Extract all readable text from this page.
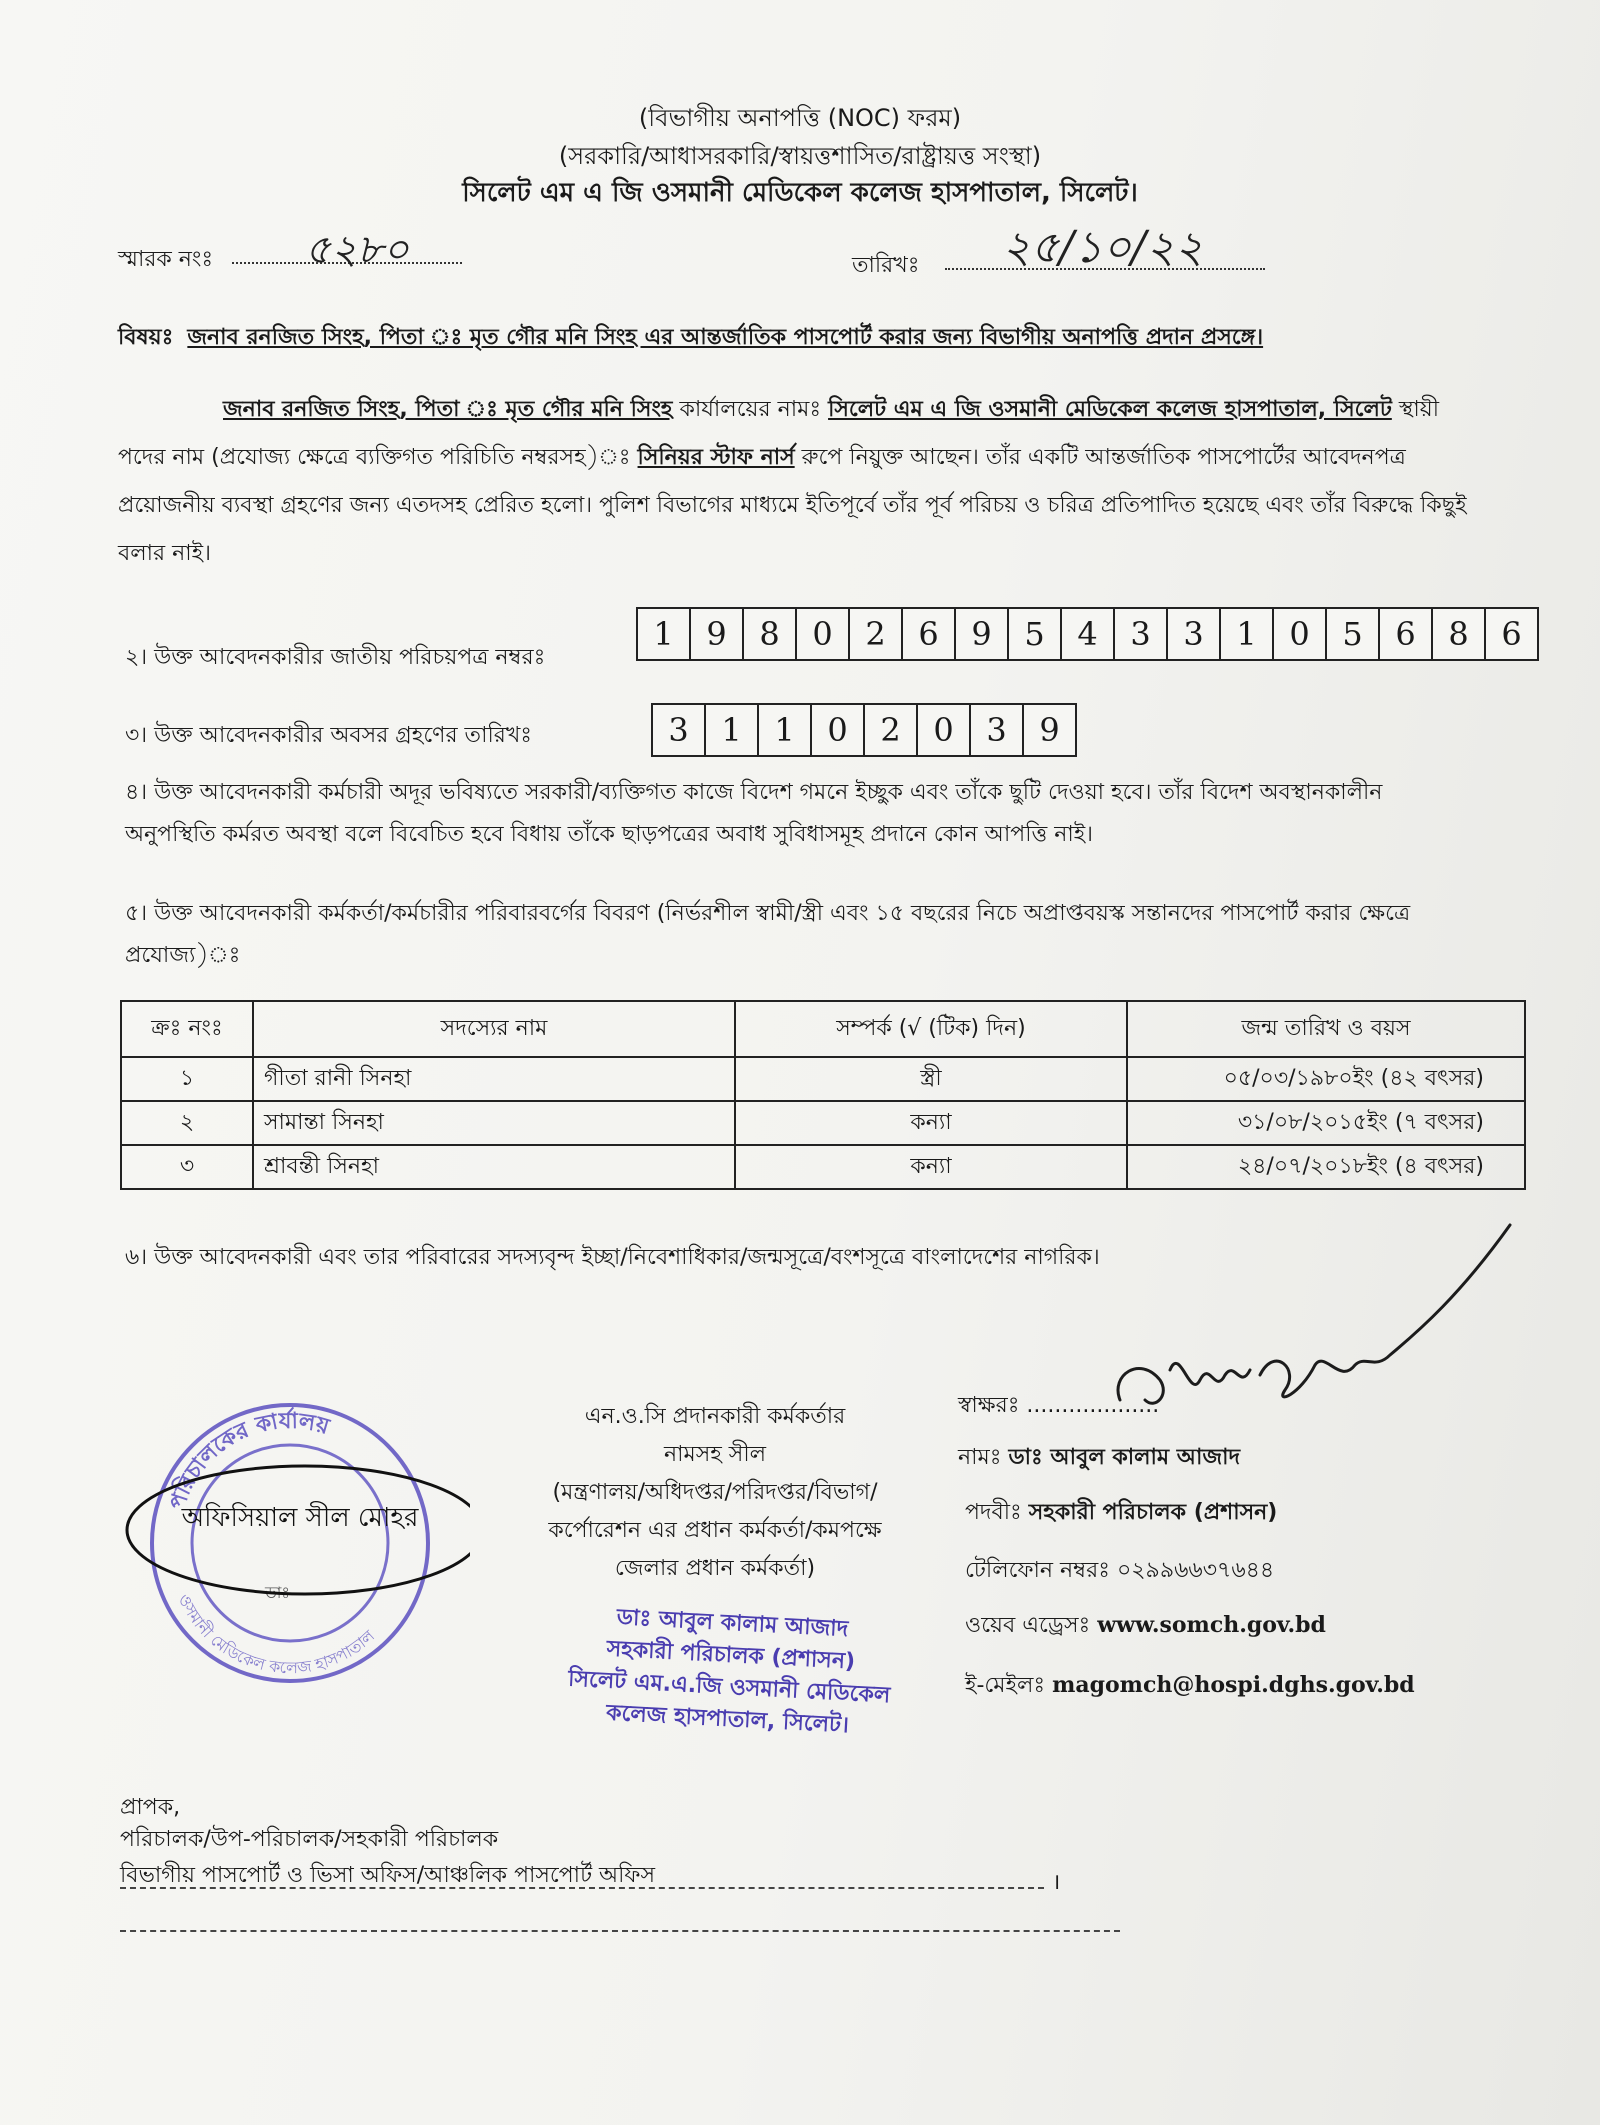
(বিভাগীয় অনাপত্তি (NOC) ফরম)
(সরকারি/আধাসরকারি/স্বায়ত্তশাসিত/রাষ্ট্রায়ত্ত সংস্থা)
সিলেট এম এ জি ওসমানী মেডিকেল কলেজ হাসপাতাল, সিলেট।
স্মারক নংঃ ৫২৮০	তারিখঃ ২৫/১০/২২
বিষয়ঃ জনাব রনজিত সিংহ, পিতা ঃ মৃত গৌর মনি সিংহ এর আন্তর্জাতিক পাসপোর্ট করার জন্য বিভাগীয় অনাপত্তি প্রদান প্রসঙ্গে।
জনাব রনজিত সিংহ, পিতা ঃ মৃত গৌর মনি সিংহ কার্যালয়ের নামঃ সিলেট এম এ জি ওসমানী মেডিকেল কলেজ হাসপাতাল, সিলেট স্থায়ী পদের নাম (প্রযোজ্য ক্ষেত্রে ব্যক্তিগত পরিচিতি নম্বরসহ)ঃ সিনিয়র স্টাফ নার্স রুপে নিয়ুক্ত আছেন। তাঁর একটি আন্তর্জাতিক পাসপোর্টের আবেদনপত্র প্রয়োজনীয় ব্যবস্থা গ্রহণের জন্য এতদসহ প্রেরিত হলো। পুলিশ বিভাগের মাধ্যমে ইতিপূর্বে তাঁর পূর্ব পরিচয় ও চরিত্র প্রতিপাদিত হয়েছে এবং তাঁর বিরুদ্ধে কিছুই বলার নাই।
২। উক্ত আবেদনকারীর জাতীয় পরিচয়পত্র নম্বরঃ
1	9	8	0	2	6	9	5	4	3	3	1	0	5	6	8	6
৩। উক্ত আবেদনকারীর অবসর গ্রহণের তারিখঃ	3	1	1	0	2	0	3	9
৪। উক্ত আবেদনকারী কর্মচারী অদূর ভবিষ্যতে সরকারী/ব্যক্তিগত কাজে বিদেশ গমনে ইচ্ছুক এবং তাঁকে ছুটি দেওয়া হবে। তাঁর বিদেশ অবস্থানকালীন অনুপস্থিতি কর্মরত অবস্থা বলে বিবেচিত হবে বিধায় তাঁকে ছাড়পত্রের অবাধ সুবিধাসমূহ প্রদানে কোন আপত্তি নাই।
৫। উক্ত আবেদনকারী কর্মকর্তা/কর্মচারীর পরিবারবর্গের বিবরণ (নির্ভরশীল স্বামী/স্ত্রী এবং ১৫ বছরের নিচে অপ্রাপ্তবয়স্ক সন্তানদের পাসপোর্ট করার ক্ষেত্রে প্রযোজ্য)ঃ
ক্রঃ নংঃ	সদস্যের নাম	সম্পর্ক (√ (টিক) দিন)	জন্ম তারিখ ও বয়স
১	গীতা রানী সিনহা	স্ত্রী	০৫/০৩/১৯৮০ইং (৪২ বৎসর)
২	সামান্তা সিনহা	কন্যা	৩১/০৮/২০১৫ইং (৭ বৎসর)
৩	শ্রাবন্তী সিনহা	কন্যা	২৪/০৭/২০১৮ইং (৪ বৎসর)
৬। উক্ত আবেদনকারী এবং তার পরিবারের সদস্যবৃন্দ ইচ্ছা/নিবেশাধিকার/জন্মসূত্রে/বংশসূত্রে বাংলাদেশের নাগরিক।
স্বাক্ষরঃ ...................
নামঃ ডাঃ আবুল কালাম আজাদ
পদবীঃ সহকারী পরিচালক (প্রশাসন)
টেলিফোন নম্বরঃ ০২৯৯৬৬৩৭৬৪৪
ওয়েব এড্রেসঃ www.somch.gov.bd
ই-মেইলঃ magomch@hospi.dghs.gov.bd
এন.ও.সি প্রদানকারী কর্মকর্তার
নামসহ সীল
(মন্ত্রণালয়/অধিদপ্তর/পরিদপ্তর/বিভাগ/
কর্পোরেশন এর প্রধান কর্মকর্তা/কমপক্ষে
জেলার প্রধান কর্মকর্তা)
ডাঃ আবুল কালাম আজাদ
সহকারী পরিচালক (প্রশাসন)
সিলেট এম.এ.জি ওসমানী মেডিকেল
কলেজ হাসপাতাল, সিলেট।
পরিচালকের কার্যালয়
ওসমানী মেডিকেল কলেজ হাসপাতাল
ডাঃ
অফিসিয়াল সীল মোহর
প্রাপক,
পরিচালক/উপ-পরিচালক/সহকারী পরিচালক
বিভাগীয় পাসপোর্ট ও ভিসা অফিস/আঞ্চলিক পাসপোর্ট অফিস	।
